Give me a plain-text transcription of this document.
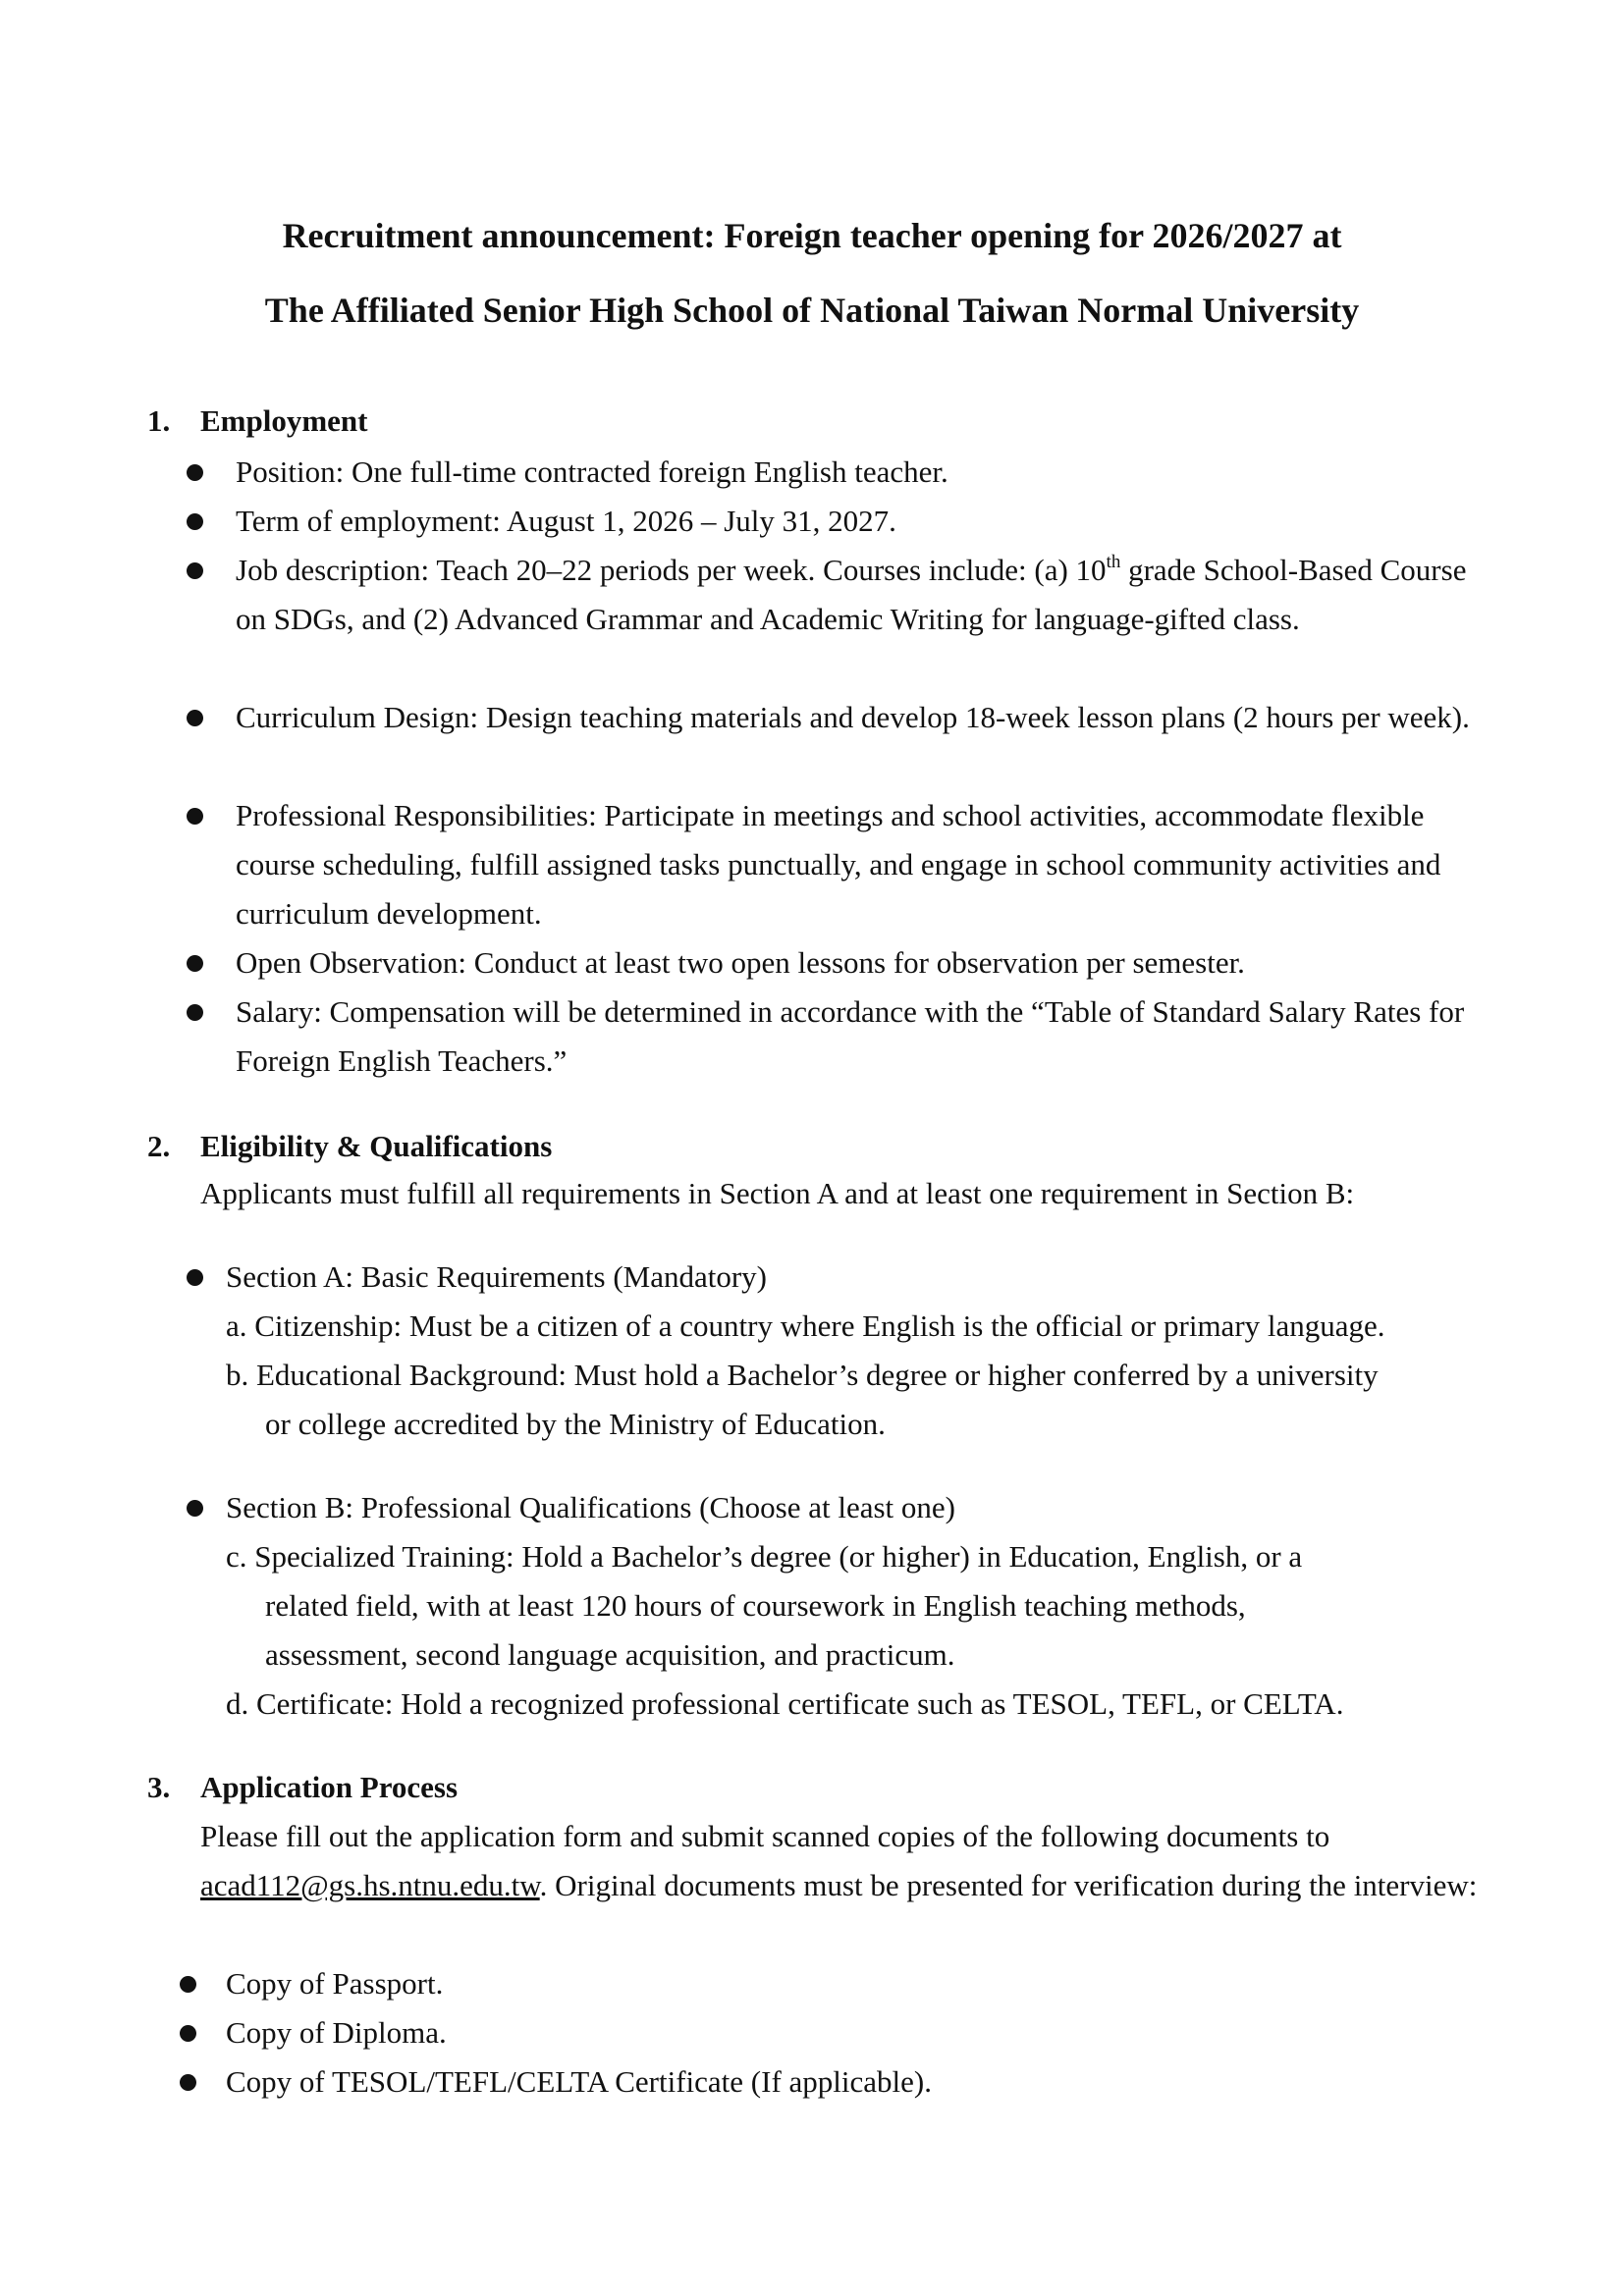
Recruitment announcement: Foreign teacher opening for 2026/2027 at
The Affiliated Senior High School of National Taiwan Normal University
1. Employment
Position: One full-time contracted foreign English teacher.
Term of employment: August 1, 2026 – July 31, 2027.
Job description: Teach 20–22 periods per week. Courses include: (a) 10th grade School-Based Course on SDGs, and (2) Advanced Grammar and Academic Writing for language-gifted class.
Curriculum Design: Design teaching materials and develop 18-week lesson plans (2 hours per week).
Professional Responsibilities: Participate in meetings and school activities, accommodate flexible course scheduling, fulfill assigned tasks punctually, and engage in school community activities and curriculum development.
Open Observation: Conduct at least two open lessons for observation per semester.
Salary: Compensation will be determined in accordance with the “Table of Standard Salary Rates for Foreign English Teachers.”
2. Eligibility & Qualifications
Applicants must fulfill all requirements in Section A and at least one requirement in Section B:
Section A: Basic Requirements (Mandatory)
a. Citizenship: Must be a citizen of a country where English is the official or primary language.
b. Educational Background: Must hold a Bachelor’s degree or higher conferred by a university
or college accredited by the Ministry of Education.
Section B: Professional Qualifications (Choose at least one)
c. Specialized Training: Hold a Bachelor’s degree (or higher) in Education, English, or a
related field, with at least 120 hours of coursework in English teaching methods, assessment, second language acquisition, and practicum.
d. Certificate: Hold a recognized professional certificate such as TESOL, TEFL, or CELTA.
3. Application Process
Please fill out the application form and submit scanned copies of the following documents to acad112@gs.hs.ntnu.edu.tw. Original documents must be presented for verification during the interview:
Copy of Passport.
Copy of Diploma.
Copy of TESOL/TEFL/CELTA Certificate (If applicable).
